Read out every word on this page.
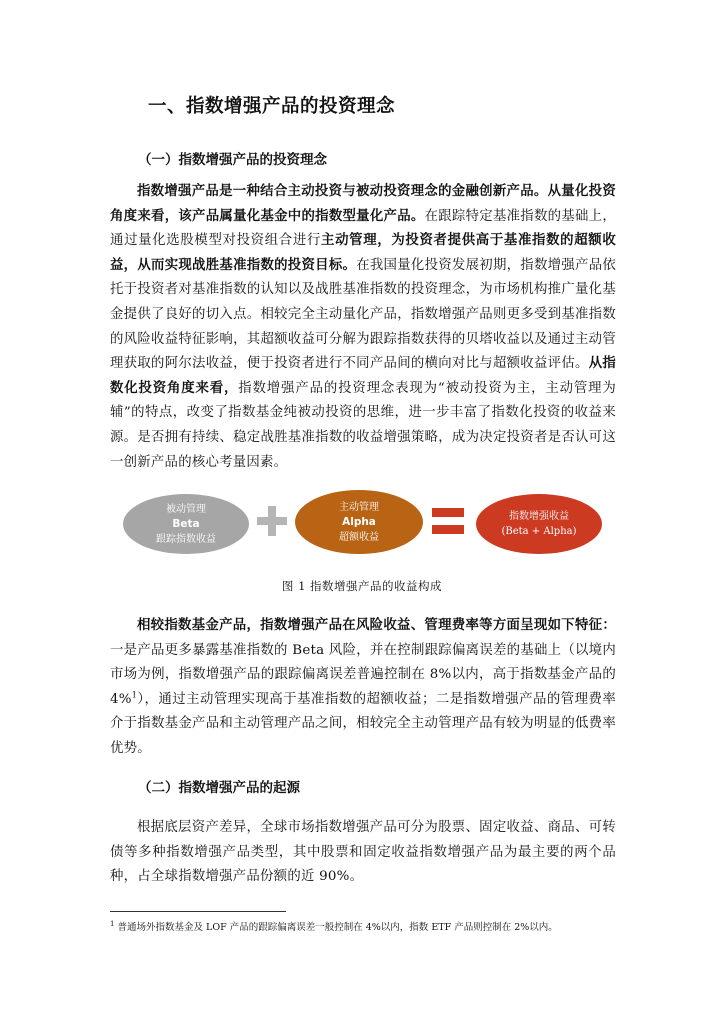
一、指数增强产品的投资理念
（一）指数增强产品的投资理念

指数增强产品是一种结合主动投资与被动投资理念的金融创新产品。从量化投资角度来看，该产品属量化基金中的指数型量化产品。在跟踪特定基准指数的基础上，通过量化选股模型对投资组合进行主动管理，为投资者提供高于基准指数的超额收益，从而实现战胜基准指数的投资目标。在我国量化投资发展初期，指数增强产品依托于投资者对基准指数的认知以及战胜基准指数的投资理念，为市场机构推广量化基金提供了良好的切入点。相较完全主动量化产品，指数增强产品则更多受到基准指数的风险收益特征影响，其超额收益可分解为跟踪指数获得的贝塔收益以及通过主动管理获取的阿尔法收益，便于投资者进行不同产品间的横向对比与超额收益评估。从指数化投资角度来看，指数增强产品的投资理念表现为“被动投资为主，主动管理为辅”的特点，改变了指数基金纯被动投资的思维，进一步丰富了指数化投资的收益来源。是否拥有持续、稳定战胜基准指数的收益增强策略，成为决定投资者是否认可这一创新产品的核心考量因素。

被动管理
Beta
跟踪指数收益
主动管理
Alpha
超额收益
指数增强收益
(Beta + Alpha)
图 1 指数增强产品的收益构成

相较指数基金产品，指数增强产品在风险收益、管理费率等方面呈现如下特征：一是产品更多暴露基准指数的 Beta 风险，并在控制跟踪偏离误差的基础上（以境内市场为例，指数增强产品的跟踪偏离误差普遍控制在 8%以内，高于指数基金产品的 4%$^1$），通过主动管理实现高于基准指数的超额收益；二是指数增强产品的管理费率介于指数基金产品和主动管理产品之间，相较完全主动管理产品有较为明显的低费率优势。

（二）指数增强产品的起源

根据底层资产差异，全球市场指数增强产品可分为股票、固定收益、商品、可转债等多种指数增强产品类型，其中股票和固定收益指数增强产品为最主要的两个品种，占全球指数增强产品份额的近 90%。

$^1$ 普通场外指数基金及 LOF 产品的跟踪偏离误差一般控制在 4%以内，指数 ETF 产品则控制在 2%以内。
